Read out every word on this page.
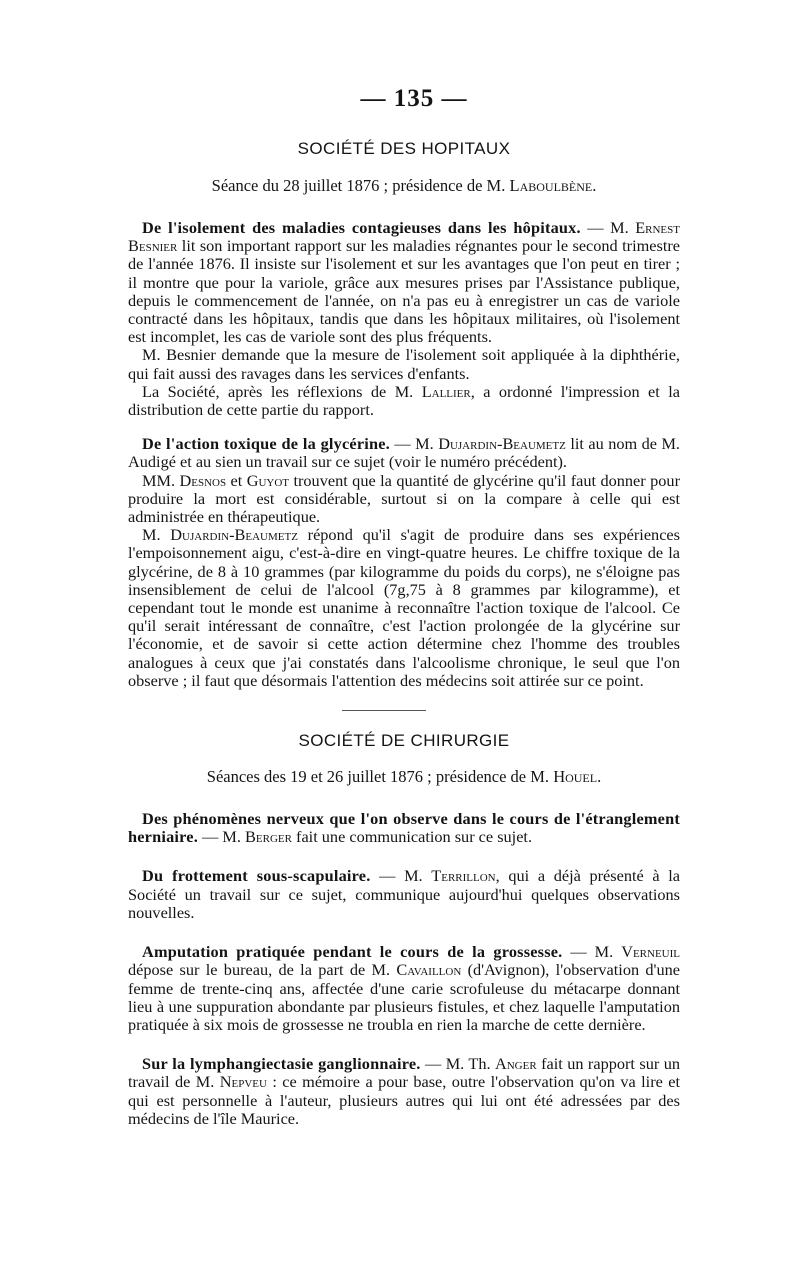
— 135 —
SOCIÉTÉ DES HOPITAUX
Séance du 28 juillet 1876 ; présidence de M. Laboulbène.

De l'isolement des maladies contagieuses dans les hôpitaux. — M. Ernest Besnier lit son important rapport sur les maladies régnantes pour le second trimestre de l'année 1876. Il insiste sur l'isolement et sur les avantages que l'on peut en tirer ; il montre que pour la variole, grâce aux mesures prises par l'Assistance publique, depuis le commencement de l'année, on n'a pas eu à enregistrer un cas de variole contracté dans les hôpitaux, tandis que dans les hôpitaux militaires, où l'isolement est incomplet, les cas de variole sont des plus fréquents.

M. Besnier demande que la mesure de l'isolement soit appliquée à la diphthérie, qui fait aussi des ravages dans les services d'enfants.

La Société, après les réflexions de M. Lallier, a ordonné l'impression et la distribution de cette partie du rapport.

De l'action toxique de la glycérine. — M. Dujardin-Beaumetz lit au nom de M. Audigé et au sien un travail sur ce sujet (voir le numéro précédent).

MM. Desnos et Guyot trouvent que la quantité de glycérine qu'il faut donner pour produire la mort est considérable, surtout si on la compare à celle qui est administrée en thérapeutique.

M. Dujardin-Beaumetz répond qu'il s'agit de produire dans ses expériences l'empoisonnement aigu, c'est-à-dire en vingt-quatre heures. Le chiffre toxique de la glycérine, de 8 à 10 grammes (par kilogramme du poids du corps), ne s'éloigne pas insensiblement de celui de l'alcool (7g,75 à 8 grammes par kilogramme), et cependant tout le monde est unanime à reconnaître l'action toxique de l'alcool. Ce qu'il serait intéressant de connaître, c'est l'action prolongée de la glycérine sur l'économie, et de savoir si cette action détermine chez l'homme des troubles analogues à ceux que j'ai constatés dans l'alcoolisme chronique, le seul que l'on observe ; il faut que désormais l'attention des médecins soit attirée sur ce point.

SOCIÉTÉ DE CHIRURGIE
Séances des 19 et 26 juillet 1876 ; présidence de M. Houel.

Des phénomènes nerveux que l'on observe dans le cours de l'étranglement herniaire. — M. Berger fait une communication sur ce sujet.

Du frottement sous-scapulaire. — M. Terrillon, qui a déjà présenté à la Société un travail sur ce sujet, communique aujourd'hui quelques observations nouvelles.

Amputation pratiquée pendant le cours de la grossesse. — M. Verneuil dépose sur le bureau, de la part de M. Cavaillon (d'Avignon), l'observation d'une femme de trente-cinq ans, affectée d'une carie scrofuleuse du métacarpe donnant lieu à une suppuration abondante par plusieurs fistules, et chez laquelle l'amputation pratiquée à six mois de grossesse ne troubla en rien la marche de cette dernière.

Sur la lymphangiectasie ganglionnaire. — M. Th. Anger fait un rapport sur un travail de M. Nepveu : ce mémoire a pour base, outre l'observation qu'on va lire et qui est personnelle à l'auteur, plusieurs autres qui lui ont été adressées par des médecins de l'île Maurice.
